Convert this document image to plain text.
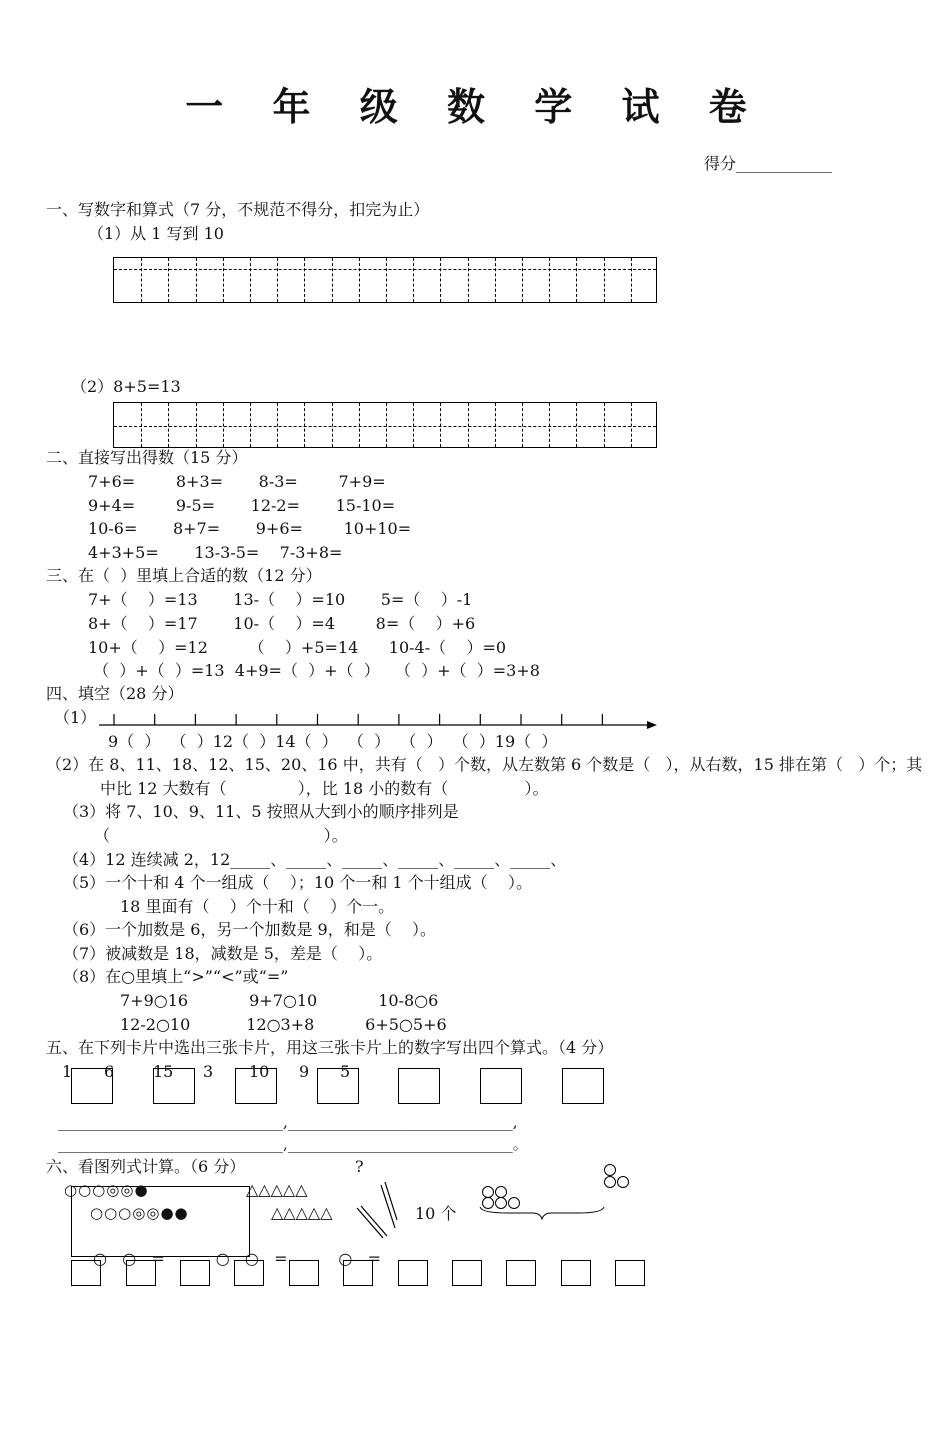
一 年 级 数 学 试 卷
得分____________
一、写数字和算式（7 分，不规范不得分，扣完为止）
（1）从 1 写到 10
（2）8+5=13
二、直接写出得数（15 分）
7+6=        8+3=       8-3=        7+9=
9+4=        9-5=       12-2=       15-10=
10-6=       8+7=       9+6=        10+10=
4+3+5=       13-3-5=    7-3+8=
三、在（  ）里填上合适的数（12 分）
7+（    ）=13       13-（    ）=10       5=（    ）-1
8+（    ）=17       10-（    ）=4        8=（    ）+6
10+（    ）=12        （    ）+5=14      10-4-（    ）=0
（  ）+（  ）=13  4+9=（  ）+（  ）   （  ）+（  ）=3+8
四、填空（28 分）
（1）
9（  ）  （  ）12（  ）14（  ）  （  ）  （  ）  （  ）19（  ）
（2）在 8、11、18、12、15、20、16 中，共有（   ）个数，从左数第 6 个数是（   ），从右数，15 排在第（   ）个；其
中比 12 大数有（              ），比 18 小的数有（               ）。
（3）将 7、10、9、11、5 按照从大到小的顺序排列是
（                                          ）。
（4）12 连续减 2，12_____、_____、_____、_____、_____、_____、
（5）一个十和 4 个一组成（    ）；10 个一和 1 个十组成（    ）。
18 里面有（    ）个十和（    ）个一。
（6）一个加数是 6，另一个加数是 9，和是（    ）。
（7）被减数是 18，减数是 5，差是（    ）。
（8）在○里填上“>”“<”或“=”
7+9○16            9+7○10            10-8○6
12-2○10           12○3+8          6+5○5+6
五、在下列卡片中选出三张卡片，用这三张卡片上的数字写出四个算式。（4 分）
1 6 15 3 10 9 5
______________________________,______________________________,
______________________________,______________________________。
六、看图列式计算。（6 分）	?
○○○◎◎●
○○○◎◎●●
△△△△△
△△△△△	10 个
○   ○   =          ○   ○   =          ○   =
